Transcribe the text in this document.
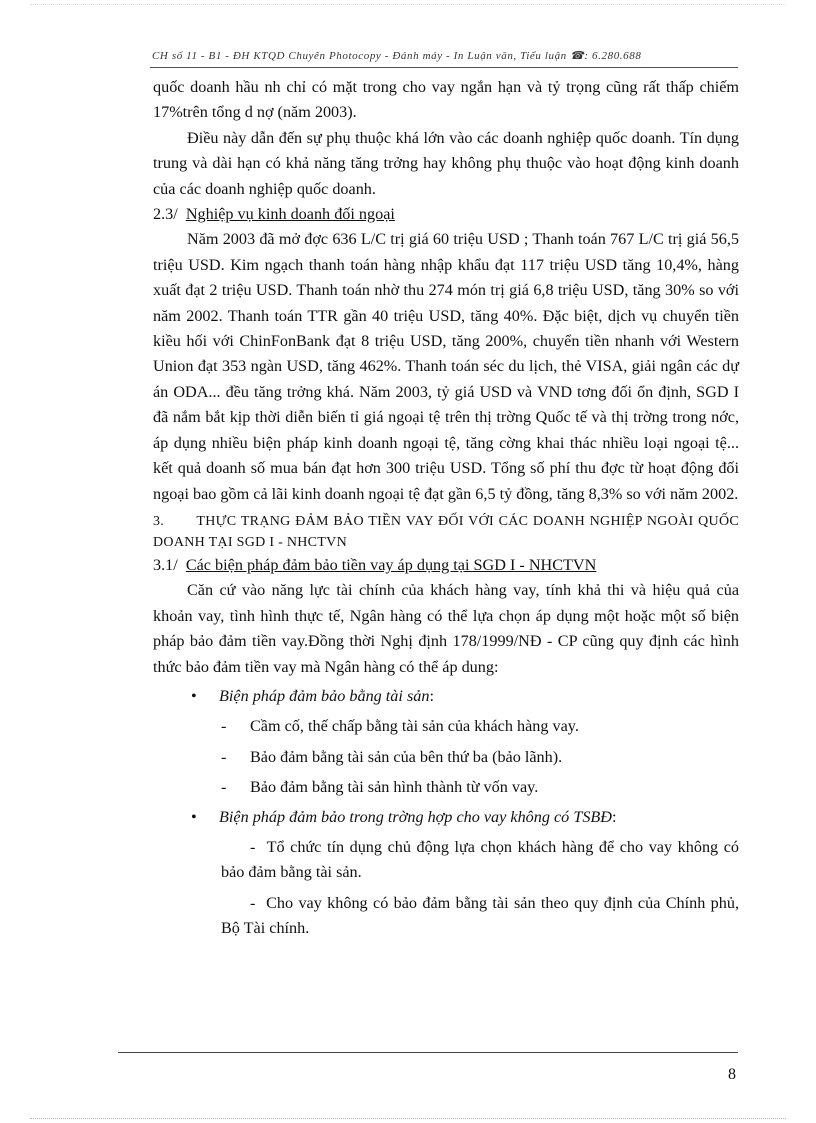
CH số 11 - B1 - ĐH KTQD Chuyên Photocopy - Đánh máy - In Luận văn, Tiểu luận ☎: 6.280.688

quốc doanh hầu nh chỉ có mặt trong cho vay ngắn hạn và tỷ trọng cũng rất thấp chiếm 17%trên tổng d nợ (năm 2003).

Điều này dẫn đến sự phụ thuộc khá lớn vào các doanh nghiệp quốc doanh. Tín dụng trung và dài hạn có khả năng tăng trởng hay không phụ thuộc vào hoạt động kinh doanh của các doanh nghiệp quốc doanh.

2.3/ Nghiệp vụ kinh doanh đối ngoại

Năm 2003 đã mở đợc 636 L/C trị giá 60 triệu USD ; Thanh toán 767 L/C trị giá 56,5 triệu USD. Kim ngạch thanh toán hàng nhập khẩu đạt 117 triệu USD tăng 10,4%, hàng xuất đạt 2 triệu USD. Thanh toán nhờ thu 274 món trị giá 6,8 triệu USD, tăng 30% so với năm 2002. Thanh toán TTR gần 40 triệu USD, tăng 40%. Đặc biệt, dịch vụ chuyển tiền kiều hối với ChinFonBank đạt 8 triệu USD, tăng 200%, chuyển tiền nhanh với Western Union đạt 353 ngàn USD, tăng 462%. Thanh toán séc du lịch, thẻ VISA, giải ngân các dự án ODA... đều tăng trởng khá. Năm 2003, tỷ giá USD và VND tơng đối ổn định, SGD I đã nắm bắt kịp thời diễn biến tỉ giá ngoại tệ trên thị trờng Quốc tế và thị trờng trong nớc, áp dụng nhiều biện pháp kinh doanh ngoại tệ, tăng cờng khai thác nhiều loại ngoại tệ... kết quả doanh số mua bán đạt hơn 300 triệu USD. Tổng số phí thu đợc từ hoạt động đối ngoại bao gồm cả lãi kinh doanh ngoại tệ đạt gần 6,5 tỷ đồng, tăng 8,3% so với năm 2002.

3. THỰC TRẠNG ĐẢM BẢO TIỀN VAY ĐỐI VỚI CÁC DOANH NGHIỆP NGOÀI QUỐC DOANH TẠI SGD I - NHCTVN

3.1/ Các biện pháp đảm bảo tiền vay áp dụng tại SGD I - NHCTVN

Căn cứ vào năng lực tài chính của khách hàng vay, tính khả thi và hiệu quả của khoản vay, tình hình thực tế, Ngân hàng có thể lựa chọn áp dụng một hoặc một số biện pháp bảo đảm tiền vay.Đồng thời Nghị định 178/1999/NĐ - CP cũng quy định các hình thức bảo đảm tiền vay mà Ngân hàng có thể áp dung:

• Biện pháp đảm bảo bằng tài sản:

- Cầm cố, thế chấp bằng tài sản của khách hàng vay.

- Bảo đảm bằng tài sản của bên thứ ba (bảo lãnh).

- Bảo đảm bằng tài sản hình thành từ vốn vay.

• Biện pháp đảm bảo trong trờng hợp cho vay không có TSBĐ:

- Tổ chức tín dụng chủ động lựa chọn khách hàng để cho vay không có bảo đảm bằng tài sản.

- Cho vay không có bảo đảm bằng tài sản theo quy định của Chính phủ, Bộ Tài chính.

8
